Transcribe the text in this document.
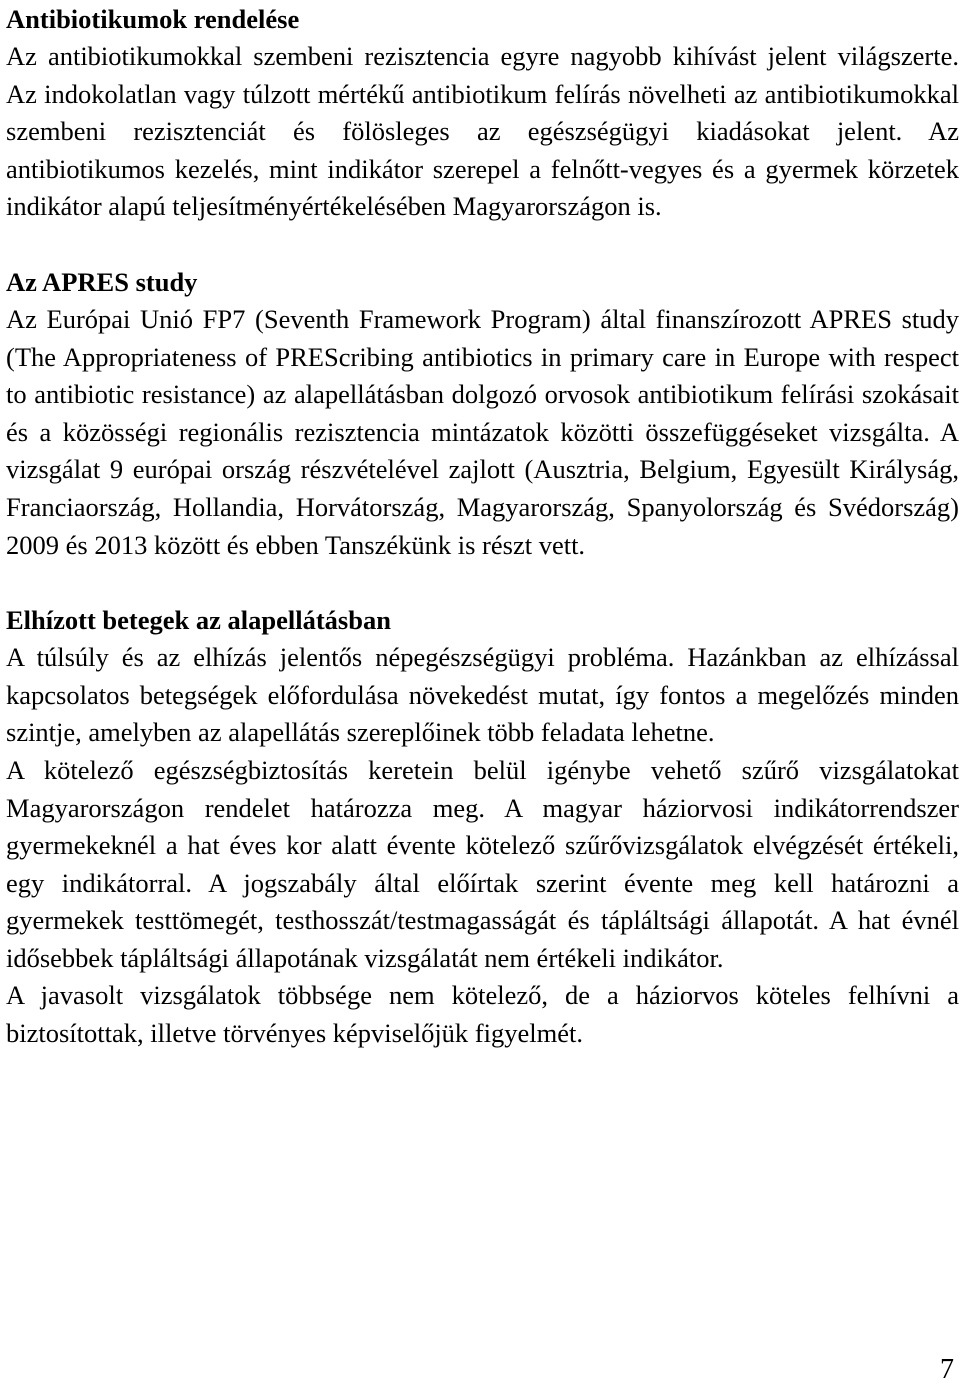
Antibiotikumok rendelése

Az antibiotikumokkal szembeni rezisztencia egyre nagyobb kihívást jelent világszerte. Az indokolatlan vagy túlzott mértékű antibiotikum felírás növelheti az antibiotikumokkal szembeni rezisztenciát és fölösleges az egészségügyi kiadásokat jelent. Az antibiotikumos kezelés, mint indikátor szerepel a felnőtt-vegyes és a gyermek körzetek indikátor alapú teljesítményértékelésében Magyarországon is.

Az APRES study

Az Európai Unió FP7 (Seventh Framework Program) által finanszírozott APRES study (The Appropriateness of PREScribing antibiotics in primary care in Europe with respect to antibiotic resistance) az alapellátásban dolgozó orvosok antibiotikum felírási szokásait és a közösségi regionális rezisztencia mintázatok közötti összefüggéseket vizsgálta. A vizsgálat 9 európai ország részvételével zajlott (Ausztria, Belgium, Egyesült Királyság, Franciaország, Hollandia, Horvátország, Magyarország, Spanyolország és Svédország) 2009 és 2013 között és ebben Tanszékünk is részt vett.

Elhízott betegek az alapellátásban

A túlsúly és az elhízás jelentős népegészségügyi probléma. Hazánkban az elhízással kapcsolatos betegségek előfordulása növekedést mutat, így fontos a megelőzés minden szintje, amelyben az alapellátás szereplőinek több feladata lehetne.

A kötelező egészségbiztosítás keretein belül igénybe vehető szűrő vizsgálatokat Magyarországon rendelet határozza meg. A magyar háziorvosi indikátorrendszer gyermekeknél a hat éves kor alatt évente kötelező szűrővizsgálatok elvégzését értékeli, egy indikátorral. A jogszabály által előírtak szerint évente meg kell határozni a gyermekek testtömegét, testhosszát/testmagasságát és tápláltsági állapotát. A hat évnél idősebbek tápláltsági állapotának vizsgálatát nem értékeli indikátor.

A javasolt vizsgálatok többsége nem kötelező, de a háziorvos köteles felhívni a biztosítottak, illetve törvényes képviselőjük figyelmét.

7
